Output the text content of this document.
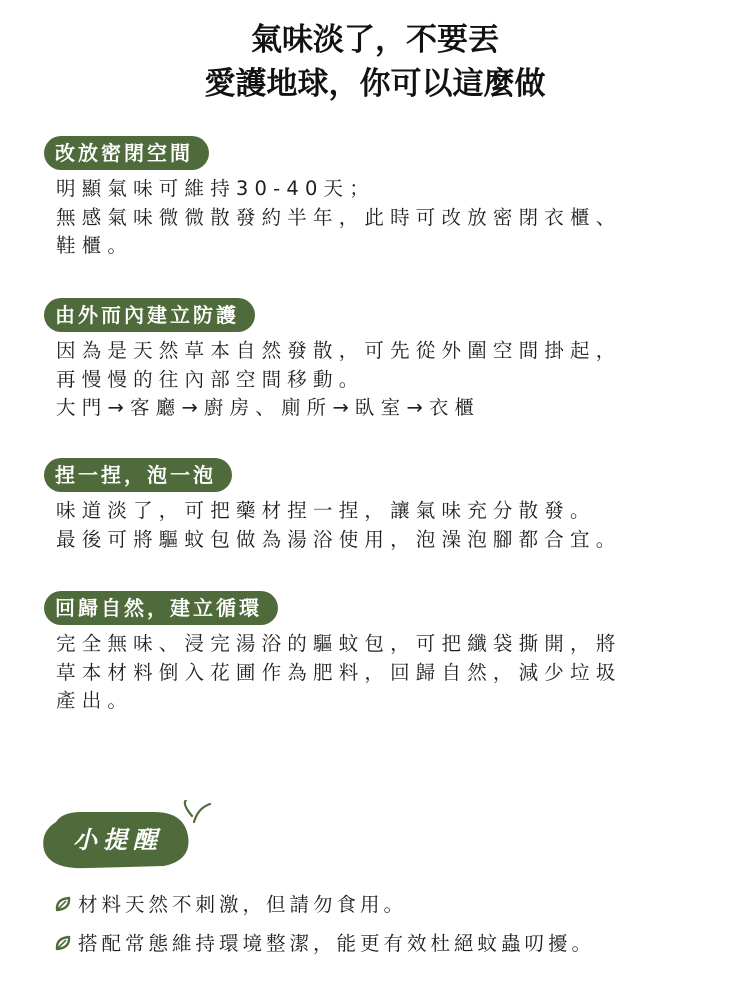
氣味淡了，不要丟
愛護地球，你可以這麼做
改放密閉空間
明顯氣味可維持30-40天；
無感氣味微微散發約半年，此時可改放密閉衣櫃、
鞋櫃。
由外而內建立防護
因為是天然草本自然發散，可先從外圍空間掛起，
再慢慢的往內部空間移動。
大門→客廳→廚房、廁所→臥室→衣櫃
捏一捏，泡一泡
味道淡了，可把藥材捏一捏，讓氣味充分散發。
最後可將驅蚊包做為湯浴使用，泡澡泡腳都合宜。
回歸自然，建立循環
完全無味、浸完湯浴的驅蚊包，可把纖袋撕開，將
草本材料倒入花圃作為肥料，回歸自然，減少垃圾
產出。
小提醒
材料天然不刺激，但請勿食用。
搭配常態維持環境整潔，能更有效杜絕蚊蟲叨擾。
